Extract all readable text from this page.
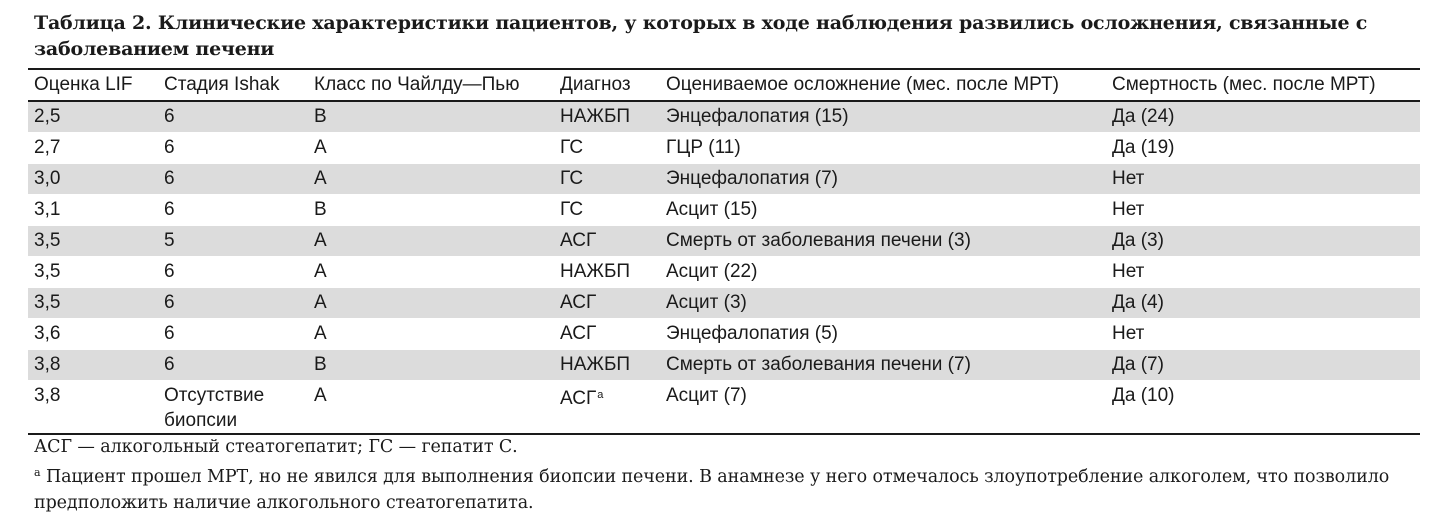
Таблица 2. Клинические характеристики пациентов, у которых в ходе наблюдения развились осложнения, связанные с заболеванием печени
Оценка LIF	Стадия Ishak	Класс по Чайлду—Пью	Диагноз	Оцениваемое осложнение (мес. после МРТ)	Смертность (мес. после МРТ)
2,5	6	B	НАЖБП	Энцефалопатия (15)	Да (24)
2,7	6	A	ГС	ГЦР (11)	Да (19)
3,0	6	A	ГС	Энцефалопатия (7)	Нет
3,1	6	B	ГС	Асцит (15)	Нет
3,5	5	A	АСГ	Смерть от заболевания печени (3)	Да (3)
3,5	6	A	НАЖБП	Асцит (22)	Нет
3,5	6	A	АСГ	Асцит (3)	Да (4)
3,6	6	A	АСГ	Энцефалопатия (5)	Нет
3,8	6	B	НАЖБП	Смерть от заболевания печени (7)	Да (7)
3,8	Отсутствие биопсии	A	АСГ$^a$	Асцит (7)	Да (10)

АСГ — алкогольный стеатогепатит; ГС — гепатит С.

$^a$ Пациент прошел МРТ, но не явился для выполнения биопсии печени. В анамнезе у него отмечалось злоупотребление алкоголем, что позволило предположить наличие алкогольного стеатогепатита.
